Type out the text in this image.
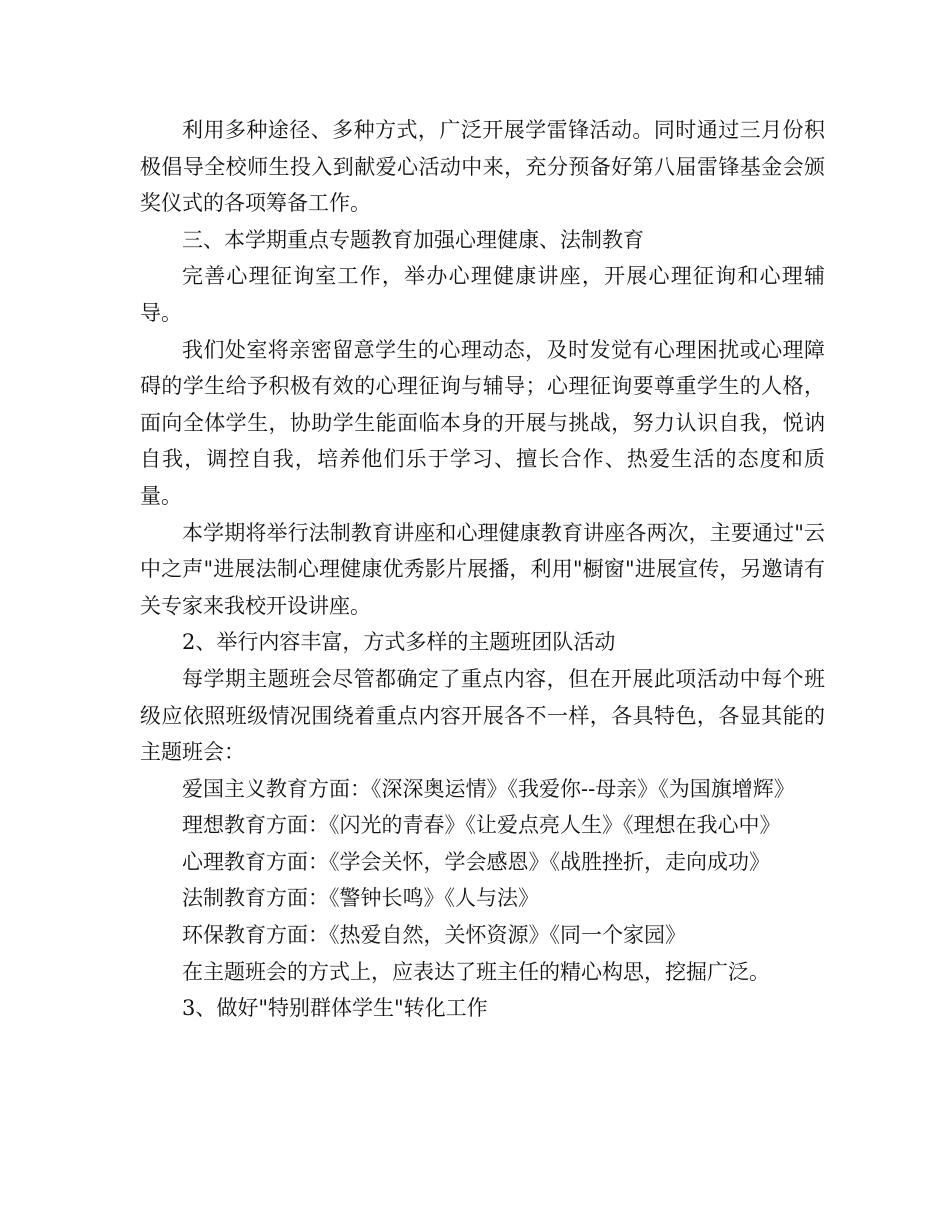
利用多种途径、多种方式，广泛开展学雷锋活动。同时通过三月份积极倡导全校师生投入到献爱心活动中来，充分预备好第八届雷锋基金会颁奖仪式的各项筹备工作。

三、本学期重点专题教育加强心理健康、法制教育

完善心理征询室工作，举办心理健康讲座，开展心理征询和心理辅导。

我们处室将亲密留意学生的心理动态，及时发觉有心理困扰或心理障碍的学生给予积极有效的心理征询与辅导；心理征询要尊重学生的人格，面向全体学生，协助学生能面临本身的开展与挑战，努力认识自我，悦讷自我，调控自我，培养他们乐于学习、擅长合作、热爱生活的态度和质量。

本学期将举行法制教育讲座和心理健康教育讲座各两次，主要通过"云中之声"进展法制心理健康优秀影片展播，利用"橱窗"进展宣传，另邀请有关专家来我校开设讲座。

2、举行内容丰富，方式多样的主题班团队活动

每学期主题班会尽管都确定了重点内容，但在开展此项活动中每个班级应依照班级情况围绕着重点内容开展各不一样，各具特色，各显其能的主题班会：

爱国主义教育方面：《深深奥运情》《我爱你--母亲》《为国旗增辉》

理想教育方面：《闪光的青春》《让爱点亮人生》《理想在我心中》

心理教育方面：《学会关怀，学会感恩》《战胜挫折，走向成功》

法制教育方面：《警钟长鸣》《人与法》

环保教育方面：《热爱自然，关怀资源》《同一个家园》

在主题班会的方式上，应表达了班主任的精心构思，挖掘广泛。

3、做好"特别群体学生"转化工作
